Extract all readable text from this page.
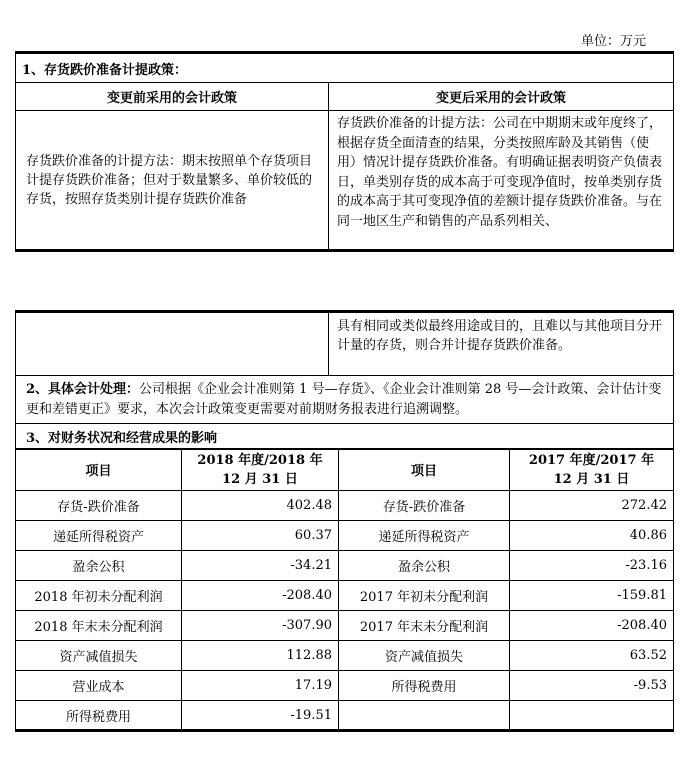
单位：万元
1、存货跌价准备计提政策：	
变更前采用的会计政策	变更后采用的会计政策
存货跌价准备的计提方法：期末按照单个存货项目计提存货跌价准备；但对于数量繁多、单价较低的存货，按照存货类别计提存货跌价准备	存货跌价准备的计提方法：公司在中期期末或年度终了，根据存货全面清查的结果，分类按照库龄及其销售（使用）情况计提存货跌价准备。有明确证据表明资产负债表日，单类别存货的成本高于可变现净值时，按单类别存货的成本高于其可变现净值的差额计提存货跌价准备。与在同一地区生产和销售的产品系列相关、
	具有相同或类似最终用途或目的，且难以与其他项目分开计量的存货，则合并计提存货跌价准备。
2、具体会计处理：公司根据《企业会计准则第 1 号—存货》、《企业会计准则第 28 号—会计政策、会计估计变更和差错更正》要求，本次会计政策变更需要对前期财务报表进行追溯调整。
3、对财务状况和经营成果的影响
项目	2018 年度/2018 年 12 月 31 日	项目	2017 年度/2017 年 12 月 31 日
存货-跌价准备	402.48	存货-跌价准备	272.42
递延所得税资产	60.37	递延所得税资产	40.86
盈余公积	-34.21	盈余公积	-23.16
2018 年初未分配利润	-208.40	2017 年初未分配利润	-159.81
2018 年末未分配利润	-307.90	2017 年末未分配利润	-208.40
资产减值损失	112.88	资产减值损失	63.52
营业成本	17.19	所得税费用	-9.53
所得税费用	-19.51		
